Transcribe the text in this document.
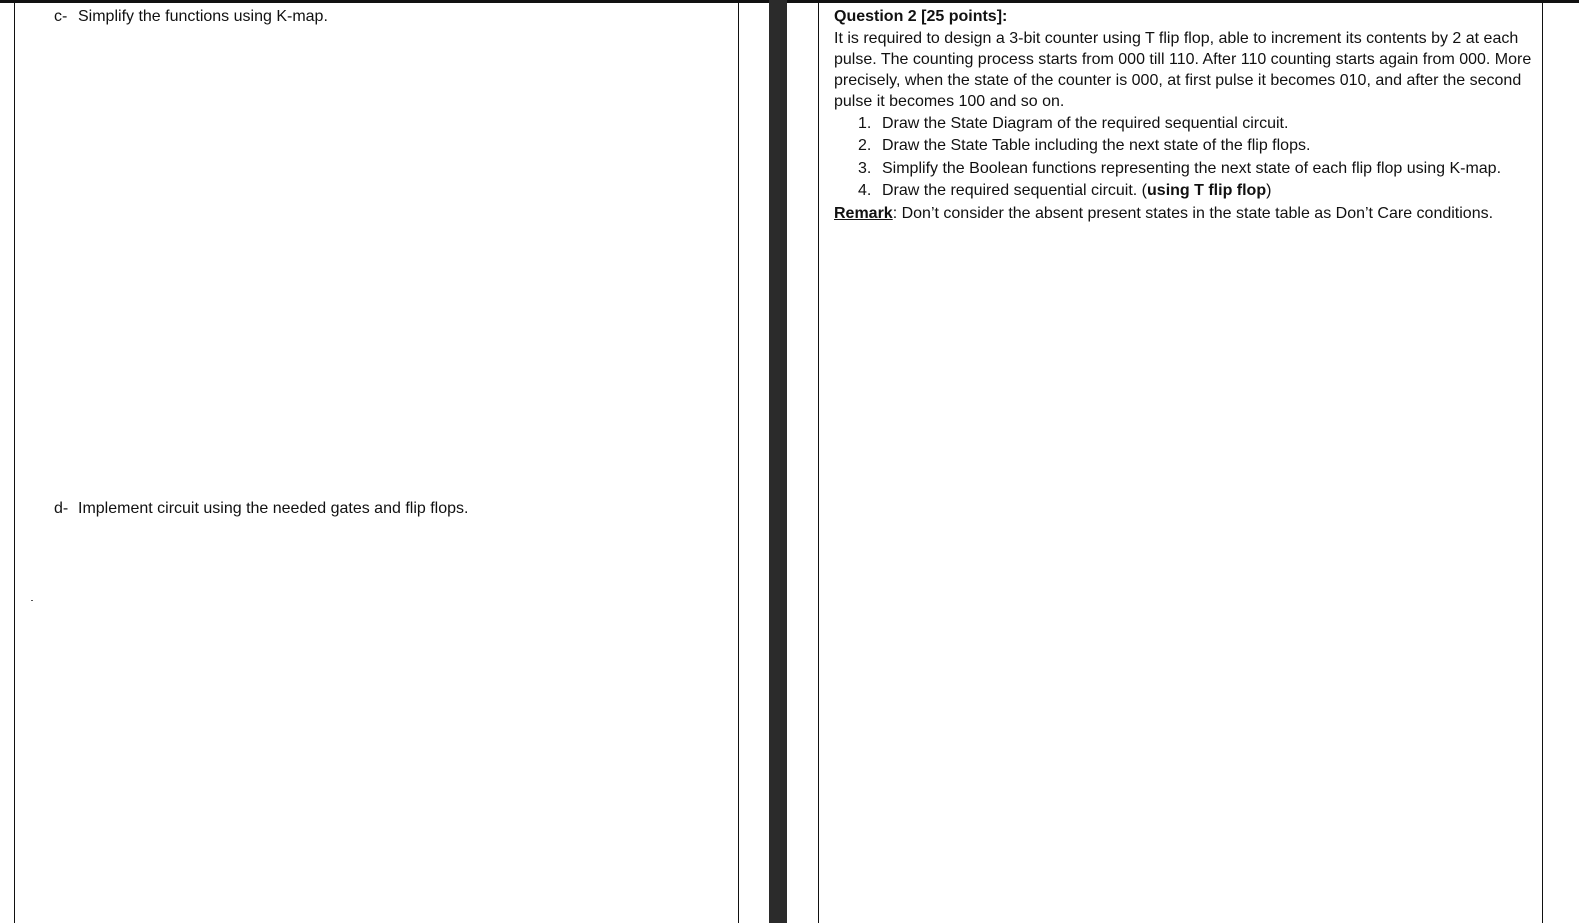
c- Simplify the functions using K-map.
d- Implement circuit using the needed gates and flip flops.
Question 2 [25 points]:

It is required to design a 3-bit counter using T flip flop, able to increment its contents by 2 at each pulse. The counting process starts from 000 till 110. After 110 counting starts again from 000. More precisely, when the state of the counter is 000, at first pulse it becomes 010, and after the second pulse it becomes 100 and so on.

1. Draw the State Diagram of the required sequential circuit.
2. Draw the State Table including the next state of the flip flops.
3. Simplify the Boolean functions representing the next state of each flip flop using K-map.
4. Draw the required sequential circuit. (using T flip flop)

Remark: Don’t consider the absent present states in the state table as Don’t Care conditions.
